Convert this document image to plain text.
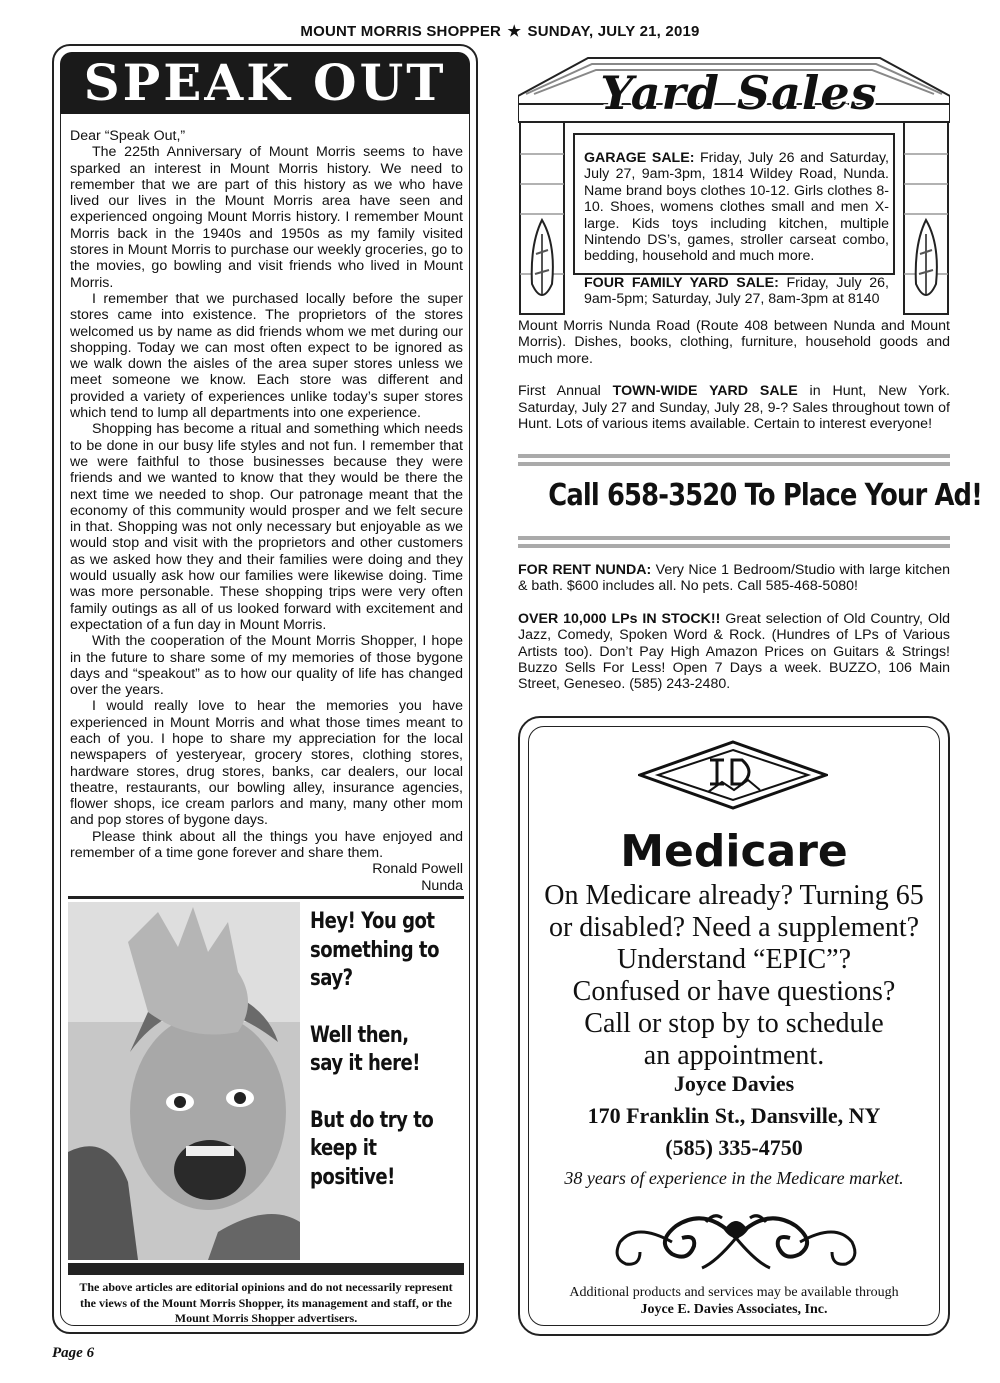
MOUNT MORRIS SHOPPER ★ SUNDAY, JULY 21, 2019
SPEAK OUT

Dear “Speak Out,”

The 225th Anniversary of Mount Morris seems to have sparked an interest in Mount Morris history. We need to remember that we are part of this history as we who have lived our lives in the Mount Morris area have seen and experienced ongoing Mount Morris history. I remember Mount Morris back in the 1940s and 1950s as my family visited stores in Mount Morris to purchase our weekly groceries, go to the movies, go bowling and visit friends who lived in Mount Morris.

I remember that we purchased locally before the super stores came into existence. The proprietors of the stores welcomed us by name as did friends whom we met during our shopping. Today we can most often expect to be ignored as we walk down the aisles of the area super stores unless we meet someone we know. Each store was different and provided a variety of experiences unlike today’s super stores which tend to lump all departments into one experience.

Shopping has become a ritual and something which needs to be done in our busy life styles and not fun. I remember that we were faithful to those businesses because they were friends and we wanted to know that they would be there the next time we needed to shop. Our patronage meant that the economy of this community would prosper and we felt secure in that. Shopping was not only necessary but enjoyable as we would stop and visit with the proprietors and other customers as we asked how they and their families were doing and they would usually ask how our families were likewise doing. Time was more personable. These shopping trips were very often family outings as all of us looked forward with excitement and expectation of a fun day in Mount Morris.

With the cooperation of the Mount Morris Shopper, I hope in the future to share some of my memories of those bygone days and “speakout” as to how our quality of life has changed over the years.

I would really love to hear the memories you have experienced in Mount Morris and what those times meant to each of you. I hope to share my appreciation for the local newspapers of yesteryear, grocery stores, clothing stores, hardware stores, drug stores, banks, car dealers, our local theatre, restaurants, our bowling alley, insurance agencies, flower shops, ice cream parlors and many, many other mom and pop stores of bygone days.

Please think about all the things you have enjoyed and remember of a time gone forever and share them.

Ronald Powell

Nunda

Hey! You got something to say?

Well then, say it here!

But do try to keep it positive!

The above articles are editorial opinions and do not necessarily represent the views of the Mount Morris Shopper, its management and staff, or the Mount Morris Shopper advertisers.
Page 6
Yard Sales

GARAGE SALE: Friday, July 26 and Saturday, July 27, 9am-3pm, 1814 Wildey Road, Nunda. Name brand boys clothes 10-12. Girls clothes 8-10. Shoes, womens clothes small and men X-large. Kids toys including kitchen, multiple Nintendo DS’s, games, stroller carseat combo, bedding, household and much more.

FOUR FAMILY YARD SALE: Friday, July 26, 9am-5pm; Saturday, July 27, 8am-3pm at 8140

Mount Morris Nunda Road (Route 408 between Nunda and Mount Morris). Dishes, books, clothing, furniture, household goods and much more.

First Annual TOWN-WIDE YARD SALE in Hunt, New York. Saturday, July 27 and Sunday, July 28, 9-? Sales throughout town of Hunt. Lots of various items available. Certain to interest everyone!

Call 658-3520 To Place Your Ad!

FOR RENT NUNDA: Very Nice 1 Bedroom/Studio with large kitchen & bath. $600 includes all. No pets. Call 585-468-5080!

OVER 10,000 LPs IN STOCK!! Great selection of Old Country, Old Jazz, Comedy, Spoken Word & Rock. (Hundres of LPs of Various Artists too). Don’t Pay High Amazon Prices on Guitars & Strings! Buzzo Sells For Less! Open 7 Days a week. BUZZO, 106 Main Street, Geneseo. (585) 243-2480.

Medicare
On Medicare already? Turning 65
or disabled? Need a supplement?
Understand “EPIC”?
Confused or have questions?
Call or stop by to schedule
an appointment.
Joyce Davies
170 Franklin St., Dansville, NY
(585) 335-4750
38 years of experience in the Medicare market.
Additional products and services may be available through
Joyce E. Davies Associates, Inc.
